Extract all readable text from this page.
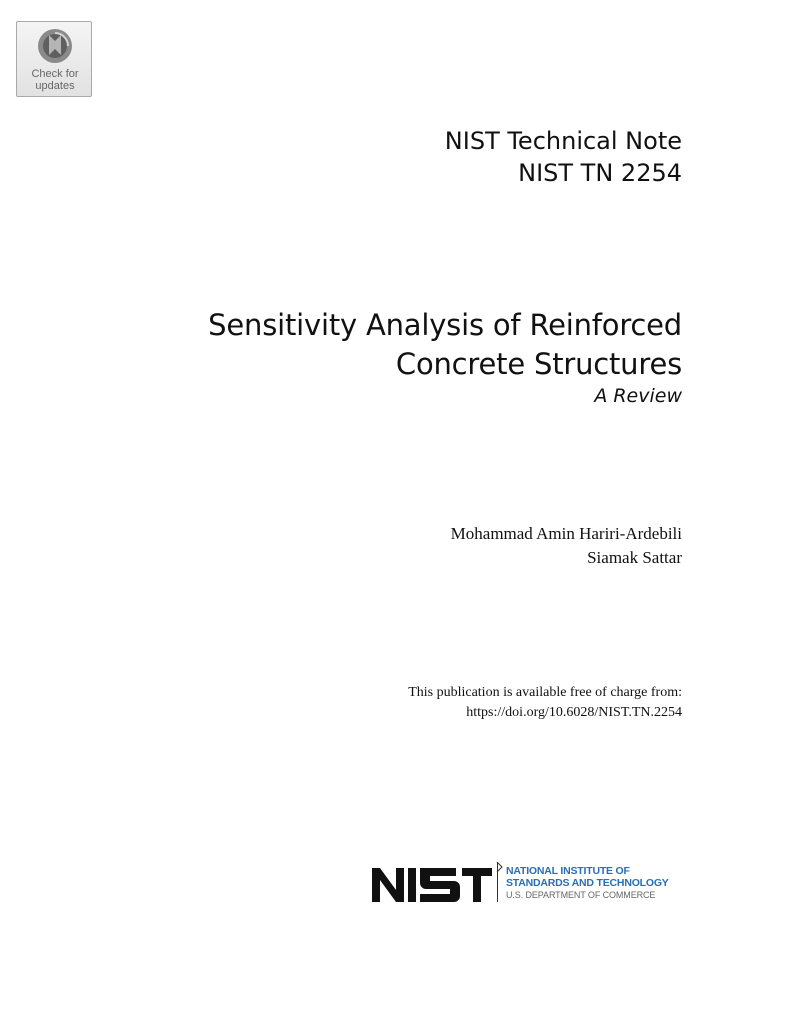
Check for
updates
NIST Technical Note
NIST TN 2254
Sensitivity Analysis of Reinforced
Concrete Structures
A Review
Mohammad Amin Hariri-Ardebili
Siamak Sattar
This publication is available free of charge from:
https://doi.org/10.6028/NIST.TN.2254
NATIONAL INSTITUTE OF
STANDARDS AND TECHNOLOGY
U.S. DEPARTMENT OF COMMERCE
